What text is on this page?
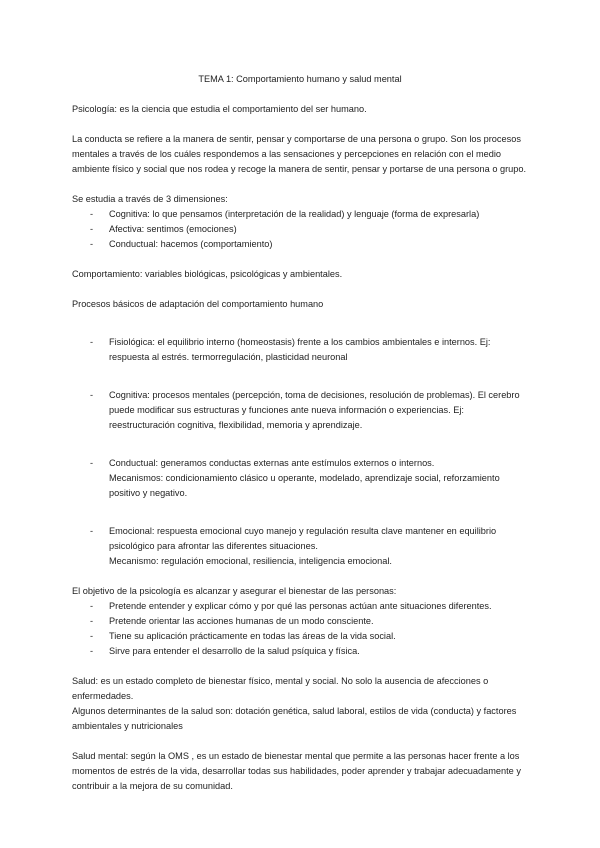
TEMA 1: Comportamiento humano y salud mental

Psicología: es la ciencia que estudia el comportamiento del ser humano.

La conducta se refiere a la manera de sentir, pensar y comportarse de una persona o grupo. Son los procesos mentales a través de los cuáles respondemos a las sensaciones y percepciones en relación con el medio ambiente físico y social que nos rodea y recoge la manera de sentir, pensar y portarse de una persona o grupo.

Se estudia a través de 3 dimensiones:

- Cognitiva: lo que pensamos (interpretación de la realidad) y lenguaje (forma de expresarla)
- Afectiva: sentimos (emociones)
- Conductual: hacemos (comportamiento)

Comportamiento: variables biológicas, psicológicas y ambientales.

Procesos básicos de adaptación del comportamiento humano

- Fisiológica: el equilibrio interno (homeostasis) frente a los cambios ambientales e internos. Ej: respuesta al estrés. termorregulación, plasticidad neuronal

- Cognitiva: procesos mentales (percepción, toma de decisiones, resolución de problemas). El cerebro puede modificar sus estructuras y funciones ante nueva información o experiencias. Ej: reestructuración cognitiva, flexibilidad, memoria y aprendizaje.

- Conductual: generamos conductas externas ante estímulos externos o internos.

Mecanismos: condicionamiento clásico u operante, modelado, aprendizaje social, reforzamiento positivo y negativo.

- Emocional: respuesta emocional cuyo manejo y regulación resulta clave mantener en equilibrio psicológico para afrontar las diferentes situaciones.

Mecanismo: regulación emocional, resiliencia, inteligencia emocional.

El objetivo de la psicología es alcanzar y asegurar el bienestar de las personas:

- Pretende entender y explicar cómo y por qué las personas actúan ante situaciones diferentes.
- Pretende orientar las acciones humanas de un modo consciente.
- Tiene su aplicación prácticamente en todas las áreas de la vida social.
- Sirve para entender el desarrollo de la salud psíquica y física.

Salud: es un estado completo de bienestar físico, mental y social. No solo la ausencia de afecciones o enfermedades.

Algunos determinantes de la salud son: dotación genética, salud laboral, estilos de vida (conducta) y factores ambientales y nutricionales

Salud mental: según la OMS , es un estado de bienestar mental que permite a las personas hacer frente a los momentos de estrés de la vida, desarrollar todas sus habilidades, poder aprender y trabajar adecuadamente y contribuir a la mejora de su comunidad.
